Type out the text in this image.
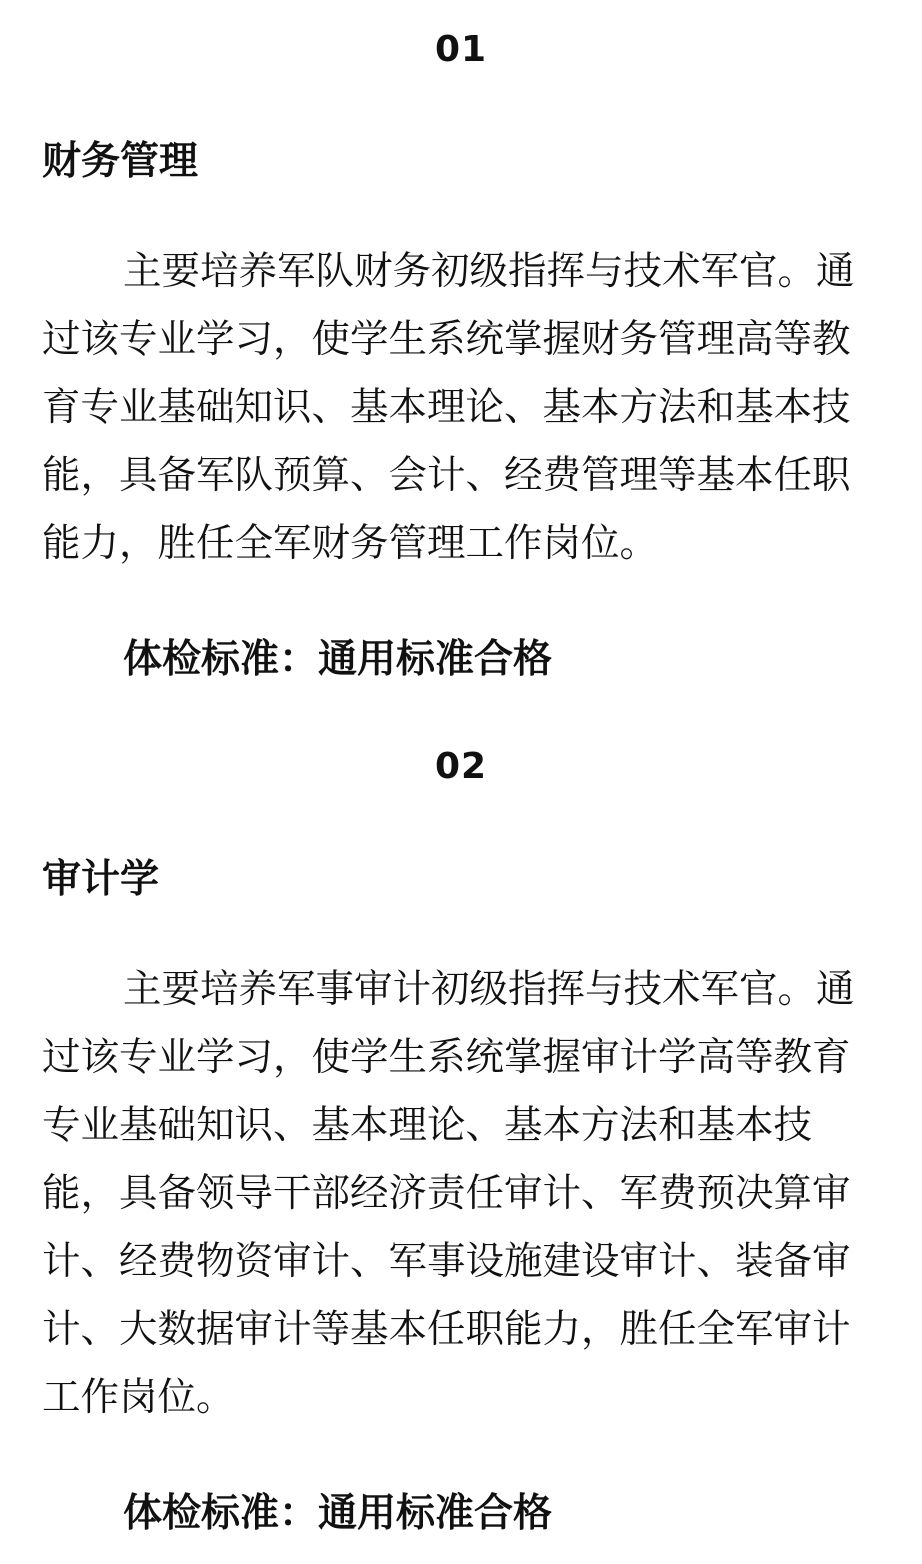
01
财务管理
主要培养军队财务初级指挥与技术军官。通过该专业学习，使学生系统掌握财务管理高等教育专业基础知识、基本理论、基本方法和基本技能，具备军队预算、会计、经费管理等基本任职能力，胜任全军财务管理工作岗位。
体检标准：通用标准合格
02
审计学
主要培养军事审计初级指挥与技术军官。通过该专业学习，使学生系统掌握审计学高等教育专业基础知识、基本理论、基本方法和基本技能，具备领导干部经济责任审计、军费预决算审计、经费物资审计、军事设施建设审计、装备审计、大数据审计等基本任职能力，胜任全军审计工作岗位。
体检标准：通用标准合格
